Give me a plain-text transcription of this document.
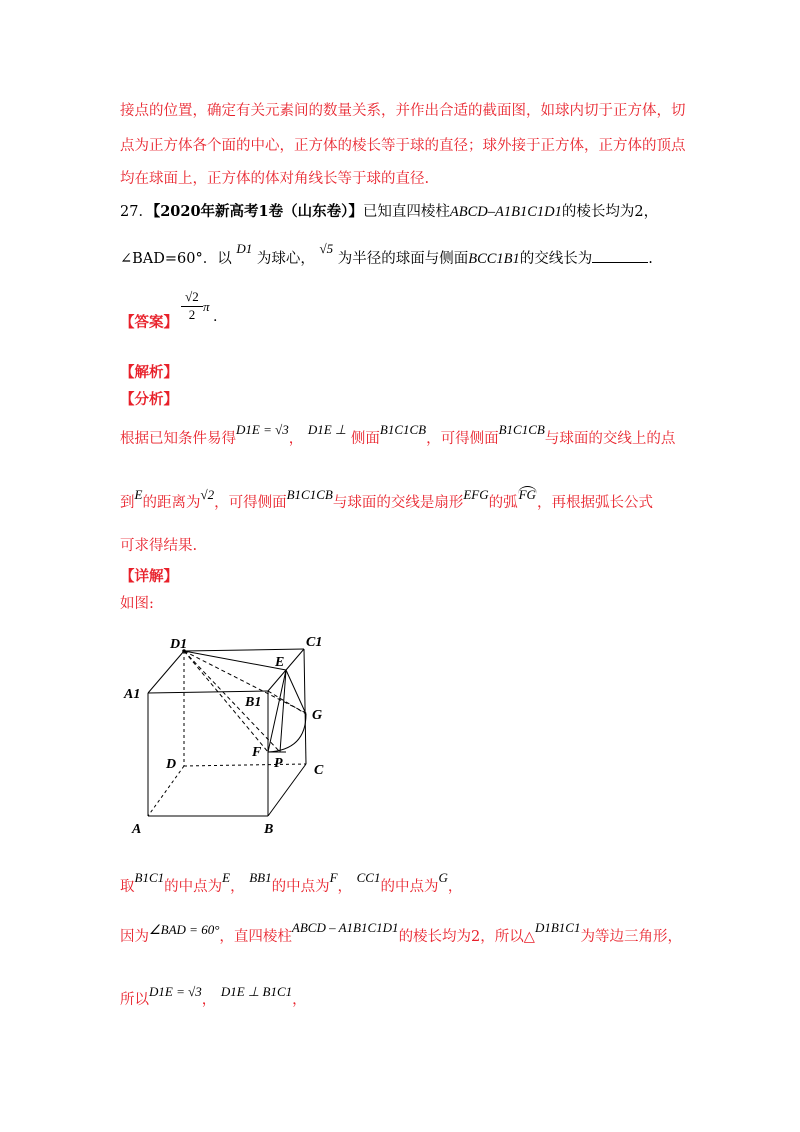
接点的位置，确定有关元素间的数量关系，并作出合适的截面图，如球内切于正方体，切
点为正方体各个面的中心，正方体的棱长等于球的直径；球外接于正方体，正方体的顶点
均在球面上，正方体的体对角线长等于球的直径.
27．【2020年新高考1卷（山东卷）】已知直四棱柱ABCD–A1B1C1D1的棱长均为2，
∠BAD=60°．以 D1 为球心， √5 为半径的球面与侧面BCC1B1的交线长为	.
【答案】 $\frac{√2}{2}$ π
.
【解析】
【分析】
根据已知条件易得D1E = √3， D1E ⊥ 侧面B1C1CB，可得侧面B1C1CB与球面的交线上的点
到E的距离为√2，可得侧面B1C1CB与球面的交线是扇形EFG的弧FG，再根据弧长公式
可求得结果.
【详解】
如图:
D1	C1
E
A1
B1
G
F
D	P C
A	B
取B1C1的中点为E， BB1的中点为F， CC1的中点为G，
因为∠BAD = 60°，直四棱柱ABCD – A1B1C1D1的棱长均为2，所以△D1B1C1为等边三角形，
所以D1E = √3， D1E ⊥ B1C1，
